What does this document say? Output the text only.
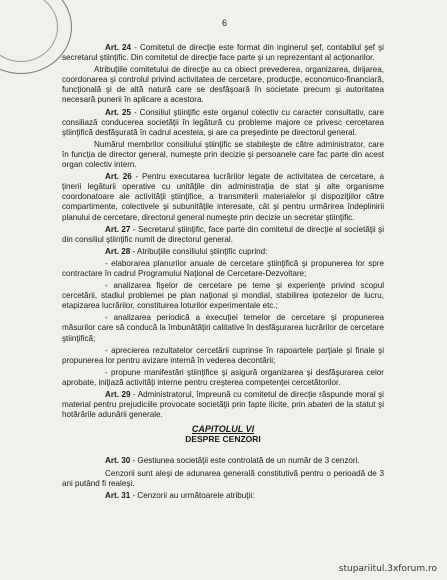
6

Art. 24 - Comitetul de direcţie este format din inginerul şef, contabilul şef şi secretarul ştiinţific. Din comitetul de direcţie face parte şi un reprezentant al acţionarilor.

Atribuţiile comitetului de direcţie au ca obiect prevederea, organizarea, dirijarea, coordonarea şi controlul privind activitatea de cercetare, producţie, economico-financiară, funcţională şi de altă natură care se desfăşoară în societate precum şi autoritatea necesară punerii în aplicare a acestora.

Art. 25 - Consiliul ştiinţific este organul colectiv cu caracter consultativ, care consiliază conducerea societăţii în legătură cu probleme majore ce privesc cercetarea ştiinţifică desfăşurată în cadrul acesteia, şi are ca preşedinte pe directorul general.

Numărul membrilor consiliului ştiinţific se stabileşte de către administrator, care în funcţia de director general, numeşte prin decizie şi persoanele care fac parte din acest organ colectiv intern.

Art. 26 - Pentru executarea lucrărilor legate de activitatea de cercetare, a ţinerii legăturii operative cu unităţile din administraţia de stat şi alte organisme coordonatoare ale activităţii ştiinţifice, a transmiterii materialelor şi dispoziţiilor către compartimente, colectivele şi subunităţile interesate, cât şi pentru urmărirea îndeplinirii planului de cercetare, directorul general numeşte prin decizie un secretar ştiinţific.

Art. 27 - Secretarul ştiinţific, face parte din comitetul de direcţie al societăţii şi din consiliul ştiinţific numit de directorul general.

Art. 28 - Atribuţiile consiliului ştiinţific cuprind:

- elaborarea planurilor anuale de cercetare ştiinţifică şi propunerea lor spre contractare în cadrul Programului Naţional de Cercetare-Dezvoltare;

- analizarea fişelor de cercetare pe teme şi experienţe privind scopul cercetării, stadiul problemei pe plan naţional şi mondial, stabilirea ipotezelor de lucru, etapizarea lucrărilor, constituirea loturilor experimentale etc.;

- analizarea periodică a execuţiei temelor de cercetare şi propunerea măsurilor care să conducă la îmbunătăţiri calitative în desfăşurarea lucrărilor de cercetare ştiinţifică;

- aprecierea rezultatelor cercetării cuprinse în rapoartele parţiale şi finale şi propunerea lor pentru avizare internă în vederea decontării;

- propune manifestări ştiinţifice şi asigură organizarea şi desfăşurarea celor aprobate, iniţiază activităţi interne pentru creşterea competenţei cercetătorilor.

Art. 29 - Administratorul, împreună cu comitetul de direcţie răspunde moral şi material pentru prejudiciile provocate societăţii prin fapte ilicite, prin abateri de la statut şi hotărârile adunării generale.

CAPITOLUL VI
DESPRE CENZORI

Art. 30 - Gestiunea societăţii este controlată de un număr de 3 cenzori.

Cenzorii sunt aleşi de adunarea generală constitutivă pentru o perioadă de 3 ani putând fi realeşi.

Art. 31 - Cenzorii au următoarele atribuţii:

stupariitul.3xforum.ro
